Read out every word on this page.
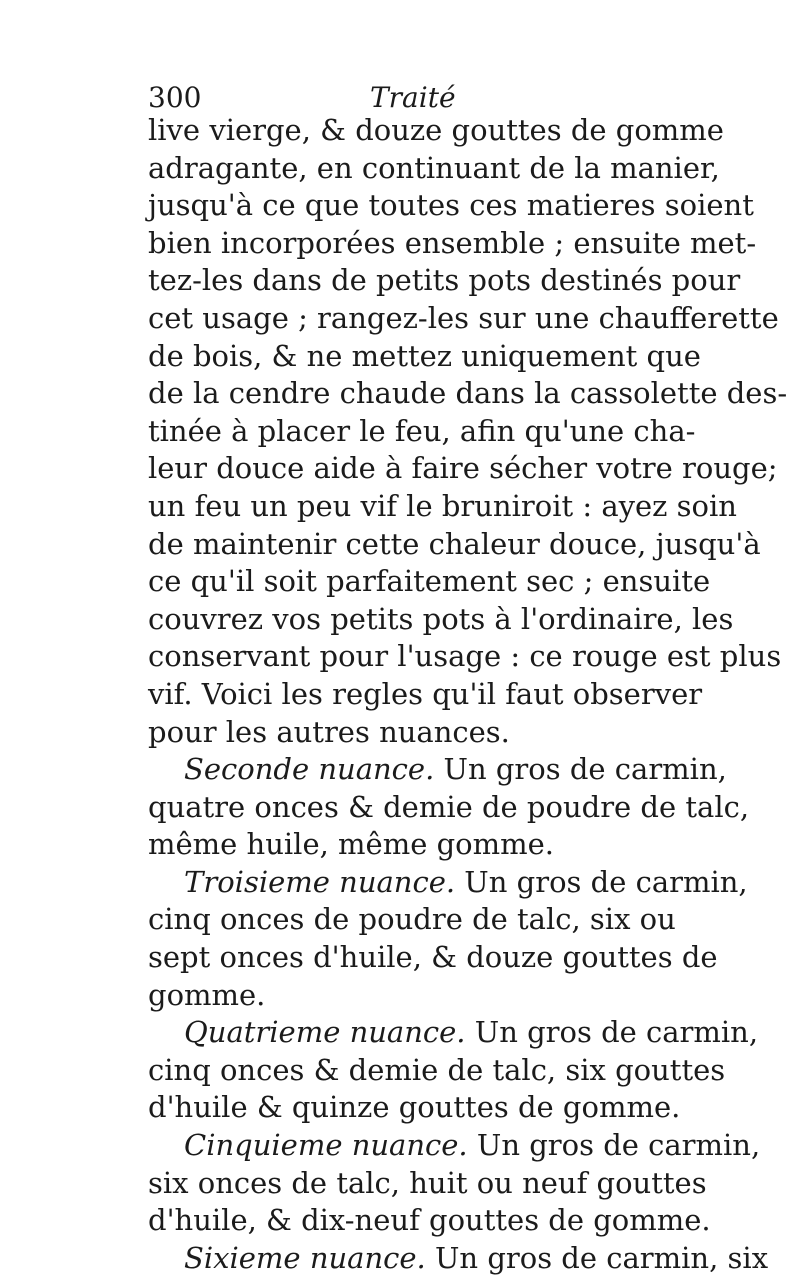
300	Traité
live vierge, & douze gouttes de gomme
adragante, en continuant de la manier,
jusqu'à ce que toutes ces matieres soient
bien incorporées ensemble ; ensuite met-
tez-les dans de petits pots destinés pour
cet usage ; rangez-les sur une chaufferette
de bois, & ne mettez uniquement que
de la cendre chaude dans la cassolette des-
tinée à placer le feu, afin qu'une cha-
leur douce aide à faire sécher votre rouge;
un feu un peu vif le bruniroit : ayez soin
de maintenir cette chaleur douce, jusqu'à
ce qu'il soit parfaitement sec ; ensuite
couvrez vos petits pots à l'ordinaire, les
conservant pour l'usage : ce rouge est plus
vif. Voici les regles qu'il faut observer
pour les autres nuances.
Seconde nuance. Un gros de carmin,
quatre onces & demie de poudre de talc,
même huile, même gomme.
Troisieme nuance. Un gros de carmin,
cinq onces de poudre de talc, six ou
sept onces d'huile, & douze gouttes de
gomme.
Quatrieme nuance. Un gros de carmin,
cinq onces & demie de talc, six gouttes
d'huile & quinze gouttes de gomme.
Cinquieme nuance. Un gros de carmin,
six onces de talc, huit ou neuf gouttes
d'huile, & dix-neuf gouttes de gomme.
Sixieme nuance. Un gros de carmin, six
